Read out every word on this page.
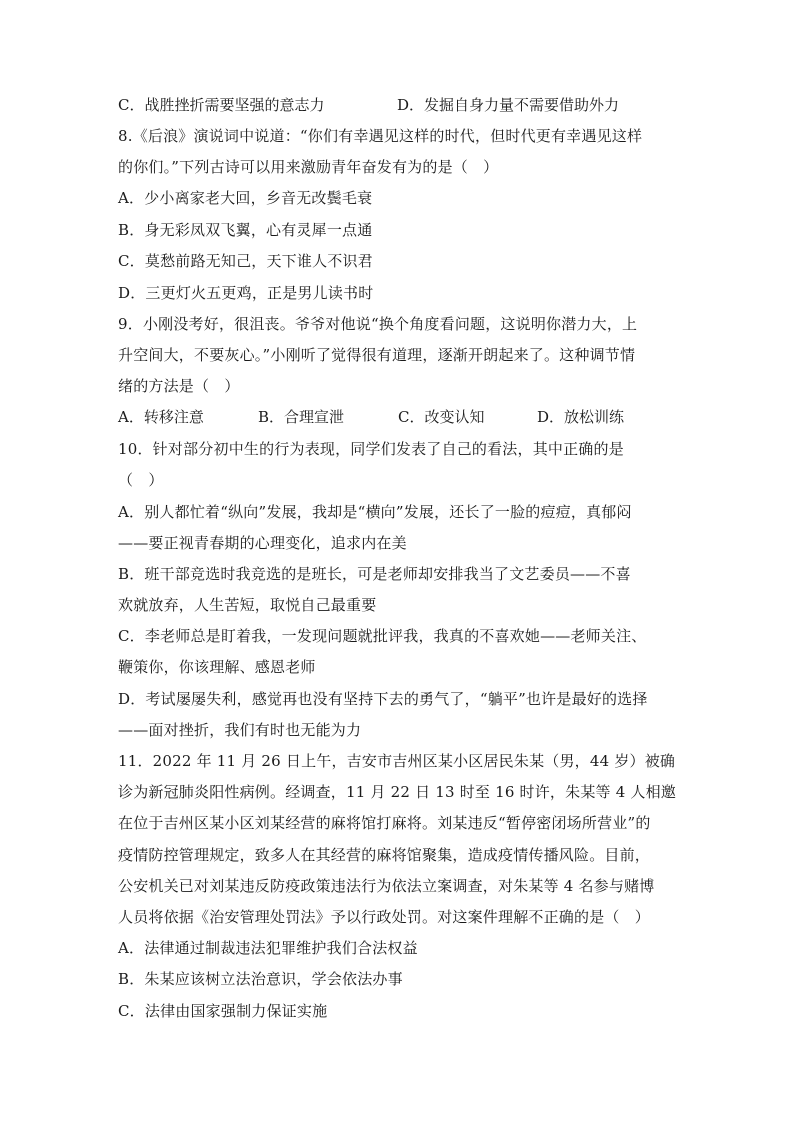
C．战胜挫折需要坚强的意志力	D．发掘自身力量不需要借助外力
8.《后浪》演说词中说道：“你们有幸遇见这样的时代，但时代更有幸遇见这样
的你们。”下列古诗可以用来激励青年奋发有为的是（　）
A．少小离家老大回，乡音无改鬓毛衰
B．身无彩凤双飞翼，心有灵犀一点通
C．莫愁前路无知己，天下谁人不识君
D．三更灯火五更鸡，正是男儿读书时
9．小刚没考好，很沮丧。爷爷对他说“换个角度看问题，这说明你潜力大，上
升空间大，不要灰心。”小刚听了觉得很有道理，逐渐开朗起来了。这种调节情
绪的方法是（　）
A．转移注意	B．合理宣泄	C．改变认知	D．放松训练
10．针对部分初中生的行为表现，同学们发表了自己的看法，其中正确的是
（　）
A．别人都忙着“纵向”发展，我却是“横向”发展，还长了一脸的痘痘，真郁闷
——要正视青春期的心理变化，追求内在美
B．班干部竞选时我竞选的是班长，可是老师却安排我当了文艺委员——不喜
欢就放弃，人生苦短，取悦自己最重要
C．李老师总是盯着我，一发现问题就批评我，我真的不喜欢她——老师关注、
鞭策你，你该理解、感恩老师
D．考试屡屡失利，感觉再也没有坚持下去的勇气了，“躺平”也许是最好的选择
——面对挫折，我们有时也无能为力
11．2022 年 11 月 26 日上午，吉安市吉州区某小区居民朱某（男，44 岁）被确
诊为新冠肺炎阳性病例。经调查，11 月 22 日 13 时至 16 时许，朱某等 4 人相邀
在位于吉州区某小区刘某经营的麻将馆打麻将。刘某违反“暂停密闭场所营业”的
疫情防控管理规定，致多人在其经营的麻将馆聚集，造成疫情传播风险。目前，
公安机关已对刘某违反防疫政策违法行为依法立案调查，对朱某等 4 名参与赌博
人员将依据《治安管理处罚法》予以行政处罚。对这案件理解不正确的是（　）
A．法律通过制裁违法犯罪维护我们合法权益
B．朱某应该树立法治意识，学会依法办事
C．法律由国家强制力保证实施
